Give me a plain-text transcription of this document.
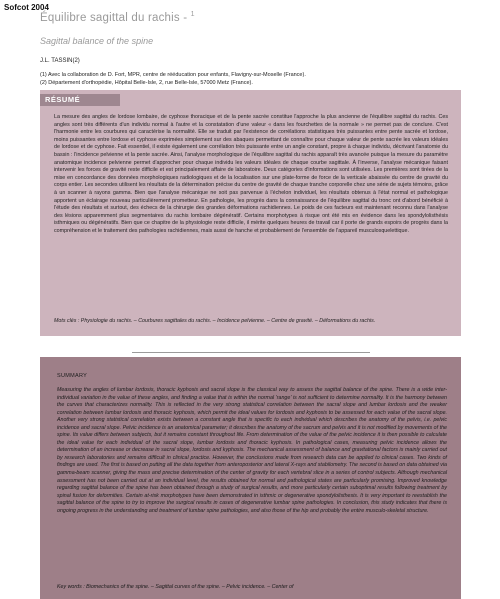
Sofcot 2004
Équilibre sagittal du rachis - $^1$
Sagittal balance of the spine
J.L. TASSIN(2)
(1) Avec la collaboration de D. Fort, MPR, centre de rééducation pour enfants, Flavigny-sur-Moselle (France).
(2) Département d'orthopédie, Hôpital Belle-Isle, 2, rue Belle-Isle, 57000 Metz (France).
RÉSUMÉ
La mesure des angles de lordose lombaire, de cyphose thoracique et de la pente sacrée constitue l'approche la plus ancienne de l'équilibre sagittal du rachis. Ces angles sont très différents d'un individu normal à l'autre et la constatation d'une valeur « dans les fourchettes de la normale » ne permet pas de conclure. C'est l'harmonie entre les courbures qui caractérise la normalité. Elle se traduit par l'existence de corrélations statistiques très puissantes entre pente sacrée et lordose, moins puissantes entre lordose et cyphose exprimées simplement sur des abaques permettant de connaître pour chaque valeur de pente sacrée les valeurs idéales de lordose et de cyphose. Fait essentiel, il existe également une corrélation très puissante entre un angle constant, propre à chaque individu, décrivant l'anatomie du bassin : l'incidence pelvienne et la pente sacrée. Ainsi, l'analyse morphologique de l'équilibre sagittal du rachis apparaît très avancée puisque la mesure du paramètre anatomique incidence pelvienne permet d'approcher pour chaque individu les valeurs idéales de chaque courbe sagittale. À l'inverse, l'analyse mécanique faisant intervenir les forces de gravité reste difficile et est principalement affaire de laboratoire. Deux catégories d'informations sont utilisées. Les premières sont tirées de la mise en concordance des données morphologiques radiologiques et de la localisation sur une plate-forme de force de la verticale abaissée du centre de gravité du corps entier. Les secondes utilisent les résultats de la détermination précise du centre de gravité de chaque tranche corporelle chez une série de sujets témoins, grâce à un scanner à rayons gamma. Bien que l'analyse mécanique ne soit pas parvenue à l'échelon individuel, les résultats obtenus à l'état normal et pathologique apportent un éclairage nouveau particulièrement prometteur. En pathologie, les progrès dans la connaissance de l'équilibre sagittal du tronc ont d'abord bénéficié à l'étude des résultats et surtout, des échecs de la chirurgie des grandes déformations rachidiennes. Le poids de ces facteurs est maintenant reconnu dans l'analyse des lésions apparemment plus segmentaires du rachis lombaire dégénératif. Certains morphotypes à risque ont été mis en évidence dans les spondylolisthésis isthmiques ou dégénératifs. Bien que ce chapitre de la physiologie reste difficile, il mérite quelques heures de travail car il porte de grands espoirs de progrès dans la compréhension et le traitement des pathologies rachidiennes, mais aussi de hanche et probablement de l'ensemble de l'appareil musculosquelettique.
Mots clés : Physiologie du rachis. – Courbures sagittales du rachis. – Incidence pelvienne. – Centre de gravité. – Déformations du rachis.
SUMMARY
Measuring the angles of lumbar lordosis, thoracic kyphosis and sacral slope is the classical way to assess the sagittal balance of the spine. There is a wide inter-individual variation in the value of these angles, and finding a value that is within the normal 'range' is not sufficient to determine normality. It is the harmony between the curves that characterizes normality. This is reflected in the very strong statistical correlation between the sacral slope and lumbar lordosis and the weaker correlation between lumbar lordosis and thoracic kyphosis, which permit the ideal values for lordosis and kyphosis to be assessed for each value of the sacral slope. Another very strong statistical correlation exists between a constant angle that is specific to each individual which describes the anatomy of the pelvis, i.e. pelvic incidence and sacral slope. Pelvic incidence is an anatomical parameter; it describes the anatomy of the sacrum and pelvis and it is not modified by movements of the spine. Its value differs between subjects, but it remains constant throughout life. From determination of the value of the pelvic incidence it is then possible to calculate the ideal value for each individual of the sacral slope, lumbar lordosis and thoracic kyphosis. In pathological cases, measuring pelvic incidence allows the determination of an increase or decrease in sacral slope, lordosis and kyphosis. The mechanical assessment of balance and gravitational factors is mainly carried out by research laboratories and remains difficult in clinical practice. However, the conclusions made from research data can be applied to clinical cases. Two kinds of findings are used. The first is based on putting all the data together from anteroposterior and lateral X-rays and stabilometry. The second is based on data obtained via gamma-beam scanner, giving the mass and precise determination of the center of gravity for each vertebral slice in a series of control subjects. Although mechanical assessment has not been carried out at an individual level, the results obtained for normal and pathological states are particularly promising. Improved knowledge regarding sagittal balance of the spine has been obtained through a study of surgical results, and more particularly certain suboptimal results following treatment by spinal fusion for deformities. Certain at-risk morphotypes have been demonstrated in isthmic or degenerative spondylolisthesis. It is very important to reestablish the sagittal balance of the spine to try to improve the surgical results in cases of degenerative lumbar spine pathologies. In conclusion, this study indicates that there is ongoing progress in the understanding and treatment of lumbar spine pathologies, and also those of the hip and probably the entire musculo-skeletal structure.
Key words : Biomechanics of the spine. – Sagittal curves of the spine. – Pelvic incidence. – Center of
